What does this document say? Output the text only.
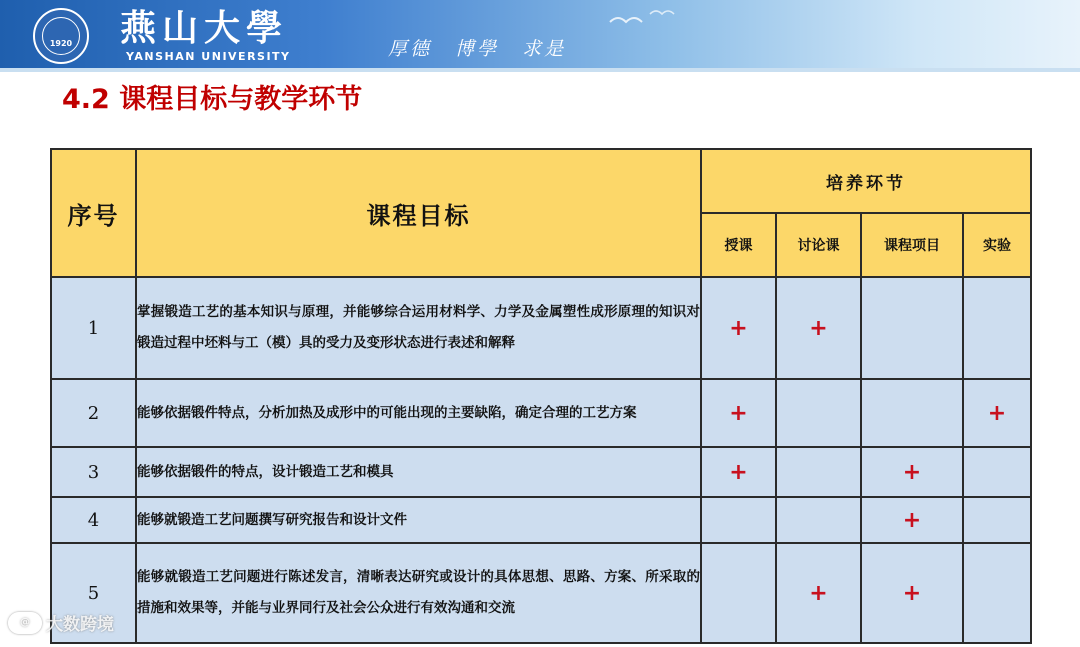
1920 燕山大學
YANSHAN UNIVERSITY	厚德 博學 求是
4.2 课程目标与教学环节
序号	课程目标	培养环节			
		授课	讨论课	课程项目	实验
1	掌握锻造工艺的基本知识与原理，并能够综合运用材料学、力学及金属塑性成形原理的知识对锻造过程中坯料与工（模）具的受力及变形状态进行表述和解释	+	+		
2	能够依据锻件特点，分析加热及成形中的可能出现的主要缺陷，确定合理的工艺方案	+			+
3	能够依据锻件的特点，设计锻造工艺和模具	+		+	
4	能够就锻造工艺问题撰写研究报告和设计文件			+	
5	能够就锻造工艺问题进行陈述发言，清晰表达研究或设计的具体思想、思路、方案、所采取的措施和效果等，并能与业界同行及社会公众进行有效沟通和交流		+	+	
@ 大数跨境
